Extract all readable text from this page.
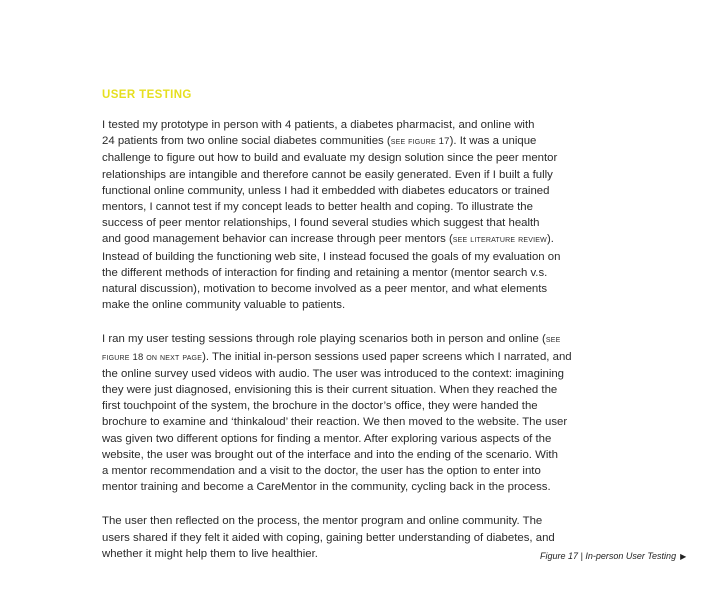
USER TESTING

I tested my prototype in person with 4 patients, a diabetes pharmacist, and online with
24 patients from two online social diabetes communities (see figure 17). It was a unique
challenge to figure out how to build and evaluate my design solution since the peer mentor
relationships are intangible and therefore cannot be easily generated. Even if I built a fully
functional online community, unless I had it embedded with diabetes educators or trained
mentors, I cannot test if my concept leads to better health and coping. To illustrate the
success of peer mentor relationships, I found several studies which suggest that health
and good management behavior can increase through peer mentors (see literature review).
Instead of building the functioning web site, I instead focused the goals of my evaluation on
the different methods of interaction for finding and retaining a mentor (mentor search v.s.
natural discussion), motivation to become involved as a peer mentor, and what elements
make the online community valuable to patients.

I ran my user testing sessions through role playing scenarios both in person and online (see
figure 18 on next page). The initial in-person sessions used paper screens which I narrated, and
the online survey used videos with audio. The user was introduced to the context: imagining
they were just diagnosed, envisioning this is their current situation. When they reached the
first touchpoint of the system, the brochure in the doctor’s office, they were handed the
brochure to examine and ‘thinkaloud’ their reaction. We then moved to the website. The user
was given two different options for finding a mentor. After exploring various aspects of the
website, the user was brought out of the interface and into the ending of the scenario. With
a mentor recommendation and a visit to the doctor, the user has the option to enter into
mentor training and become a CareMentor in the community, cycling back in the process.

The user then reflected on the process, the mentor program and online community. The
users shared if they felt it aided with coping, gaining better understanding of diabetes, and
whether it might help them to live healthier.	Figure 17 | In-person User Testing ▶
